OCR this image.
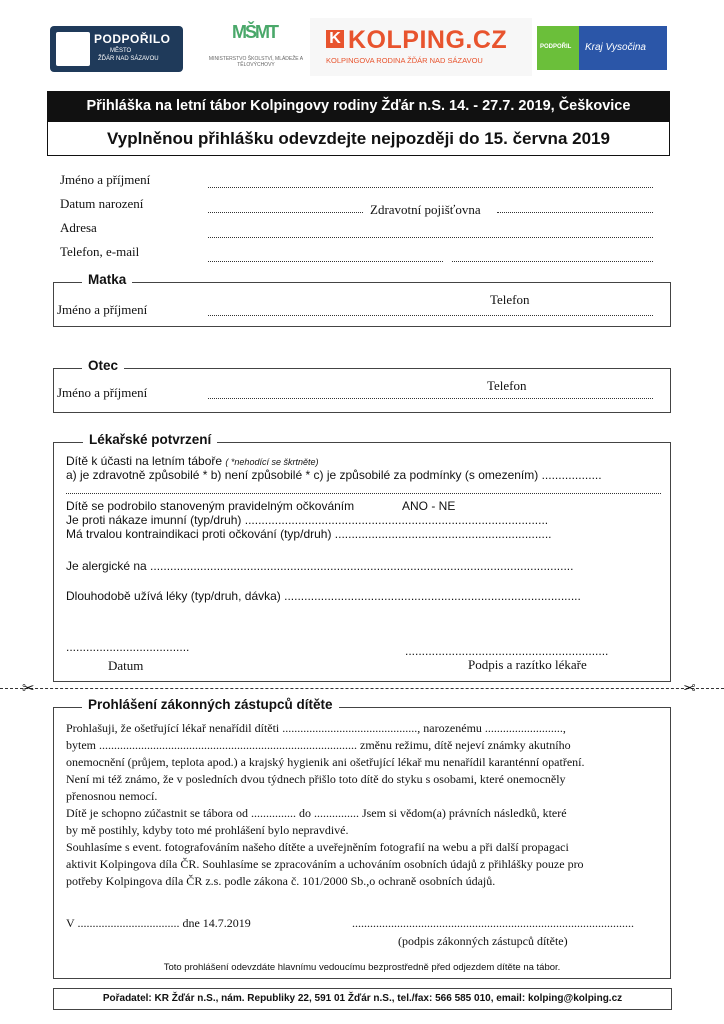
PODPOŘILO
MĚSTO
ŽĎÁR NAD SÁZAVOU
MŠMT
MINISTERSTVO ŠKOLSTVÍ, MLÁDEŽE A TĚLOVÝCHOVY
K KOLPING.CZ
KOLPINGOVA RODINA ŽĎÁR NAD SÁZAVOU
PODPOŘIL Kraj Vysočina
Přihláška na letní tábor Kolpingovy rodiny Žďár n.S. 14. - 27.7. 2019, Češkovice
Vyplněnou přihlášku odevzdejte nejpozději do 15. června 2019
Jméno a příjmení
Datum narození	Zdravotní pojišťovna
Adresa
Telefon, e-mail
Matka
Jméno a příjmení
Telefon
Otec
Jméno a příjmení	Telefon
Lékařské potvrzení
Dítě k účasti na letním táboře ( *nehodící se škrtněte)
a) je zdravotně způsobilé * b) není způsobilé * c) je způsobilé za podmínky (s omezením) ..................
Dítě se podrobilo stanoveným pravidelným očkováním	ANO - NE
Je proti nákaze imunní (typ/druh) ...........................................................................................
Má trvalou kontraindikaci proti očkování (typ/druh) .................................................................
Je alergické na ...............................................................................................................................
Dlouhodobě užívá léky (typ/druh, dávka) .........................................................................................
.....................................
Datum
.............................................................
Podpis a razítko lékaře
✂	✂
Prohlášení zákonných zástupců dítěte
Prohlašuji, že ošetřující lékař nenařídil dítěti ............................................., narozenému ..........................,
bytem ...................................................................................... změnu režimu, dítě nejeví známky akutního
onemocnění (průjem, teplota apod.) a krajský hygienik ani ošetřující lékař mu nenařídil karanténní opatření.
Není mi též známo, že v posledních dvou týdnech přišlo toto dítě do styku s osobami, které onemocněly
přenosnou nemocí.
Dítě je schopno zúčastnit se tábora od ............... do ............... Jsem si vědom(a) právních následků, které
by mě postihly, kdyby toto mé prohlášení bylo nepravdivé.
Souhlasíme s event. fotografováním našeho dítěte a uveřejněním fotografií na webu a při další propagaci
aktivit Kolpingova díla ČR. Souhlasíme se zpracováním a uchováním osobních údajů z přihlášky pouze pro
potřeby Kolpingova díla ČR z.s. podle zákona č. 101/2000 Sb.,o ochraně osobních údajů.
V .................................. dne 14.7.2019	..............................................................................................
(podpis zákonných zástupců dítěte)
Toto prohlášení odevzdáte hlavnímu vedoucímu bezprostředně před odjezdem dítěte na tábor.
Pořadatel: KR Žďár n.S., nám. Republiky 22, 591 01 Žďár n.S., tel./fax: 566 585 010, email: kolping@kolping.cz
